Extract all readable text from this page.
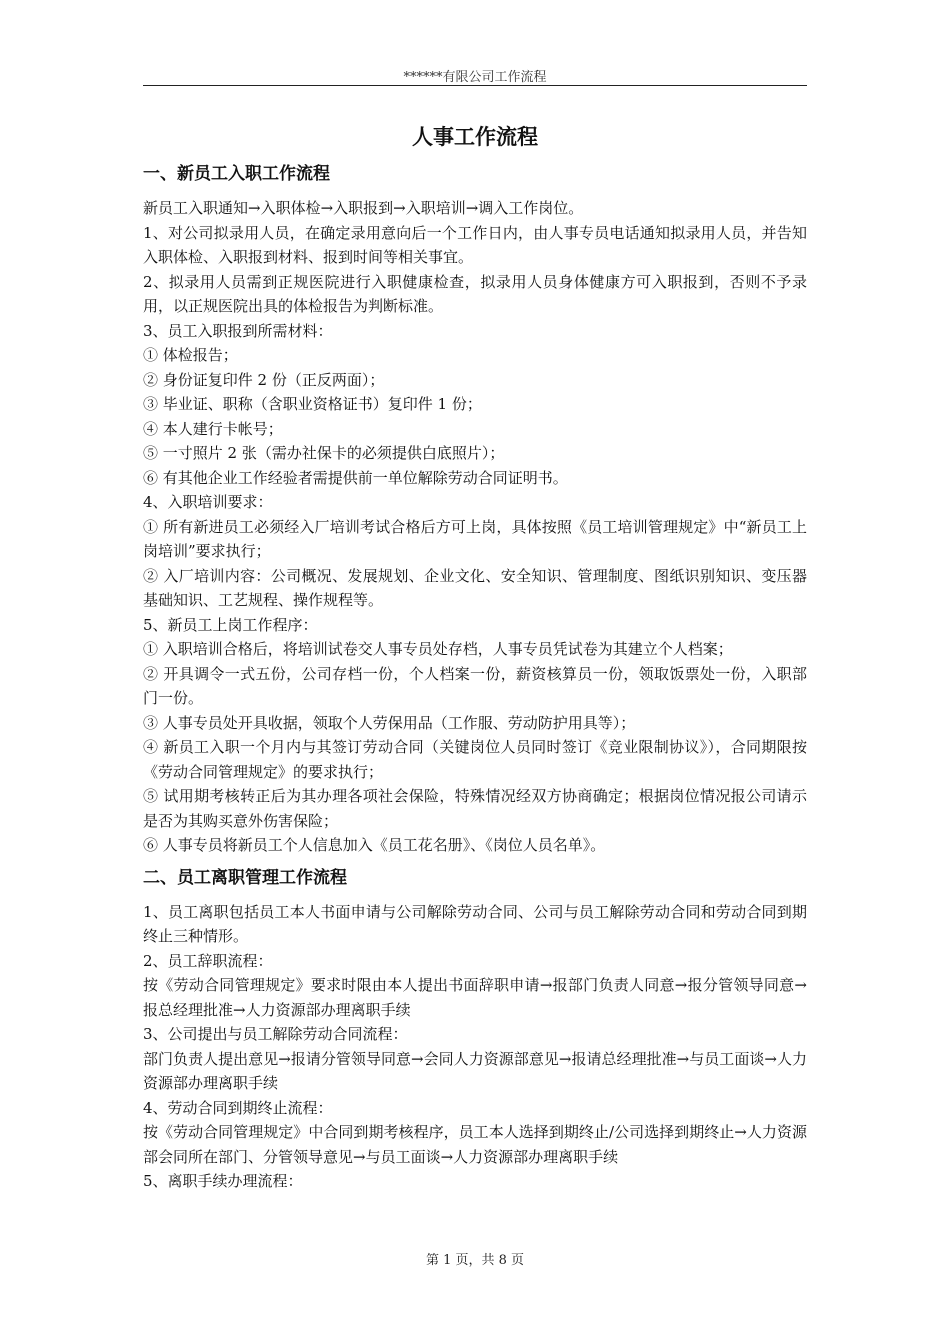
******有限公司工作流程
人事工作流程
一、新员工入职工作流程

新员工入职通知→入职体检→入职报到→入职培训→调入工作岗位。

1、对公司拟录用人员，在确定录用意向后一个工作日内，由人事专员电话通知拟录用人员，并告知入职体检、入职报到材料、报到时间等相关事宜。

2、拟录用人员需到正规医院进行入职健康检查，拟录用人员身体健康方可入职报到，否则不予录用，以正规医院出具的体检报告为判断标准。

3、员工入职报到所需材料：

① 体检报告；

② 身份证复印件 2 份（正反两面）；

③ 毕业证、职称（含职业资格证书）复印件 1 份；

④ 本人建行卡帐号；

⑤ 一寸照片 2 张（需办社保卡的必须提供白底照片）；

⑥ 有其他企业工作经验者需提供前一单位解除劳动合同证明书。

4、入职培训要求：

① 所有新进员工必须经入厂培训考试合格后方可上岗，具体按照《员工培训管理规定》中“新员工上岗培训”要求执行；

② 入厂培训内容：公司概况、发展规划、企业文化、安全知识、管理制度、图纸识别知识、变压器基础知识、工艺规程、操作规程等。

5、新员工上岗工作程序：

① 入职培训合格后，将培训试卷交人事专员处存档，人事专员凭试卷为其建立个人档案；

② 开具调令一式五份，公司存档一份，个人档案一份，薪资核算员一份，领取饭票处一份，入职部门一份。

③ 人事专员处开具收据，领取个人劳保用品（工作服、劳动防护用具等）；

④ 新员工入职一个月内与其签订劳动合同（关键岗位人员同时签订《竞业限制协议》），合同期限按《劳动合同管理规定》的要求执行；

⑤ 试用期考核转正后为其办理各项社会保险，特殊情况经双方协商确定；根据岗位情况报公司请示是否为其购买意外伤害保险；

⑥ 人事专员将新员工个人信息加入《员工花名册》、《岗位人员名单》。

二、员工离职管理工作流程

1、员工离职包括员工本人书面申请与公司解除劳动合同、公司与员工解除劳动合同和劳动合同到期终止三种情形。

2、员工辞职流程：

按《劳动合同管理规定》要求时限由本人提出书面辞职申请→报部门负责人同意→报分管领导同意→报总经理批准→人力资源部办理离职手续

3、公司提出与员工解除劳动合同流程：

部门负责人提出意见→报请分管领导同意→会同人力资源部意见→报请总经理批准→与员工面谈→人力资源部办理离职手续

4、劳动合同到期终止流程：

按《劳动合同管理规定》中合同到期考核程序，员工本人选择到期终止/公司选择到期终止→人力资源部会同所在部门、分管领导意见→与员工面谈→人力资源部办理离职手续

5、离职手续办理流程：

第 1 页，共 8 页
